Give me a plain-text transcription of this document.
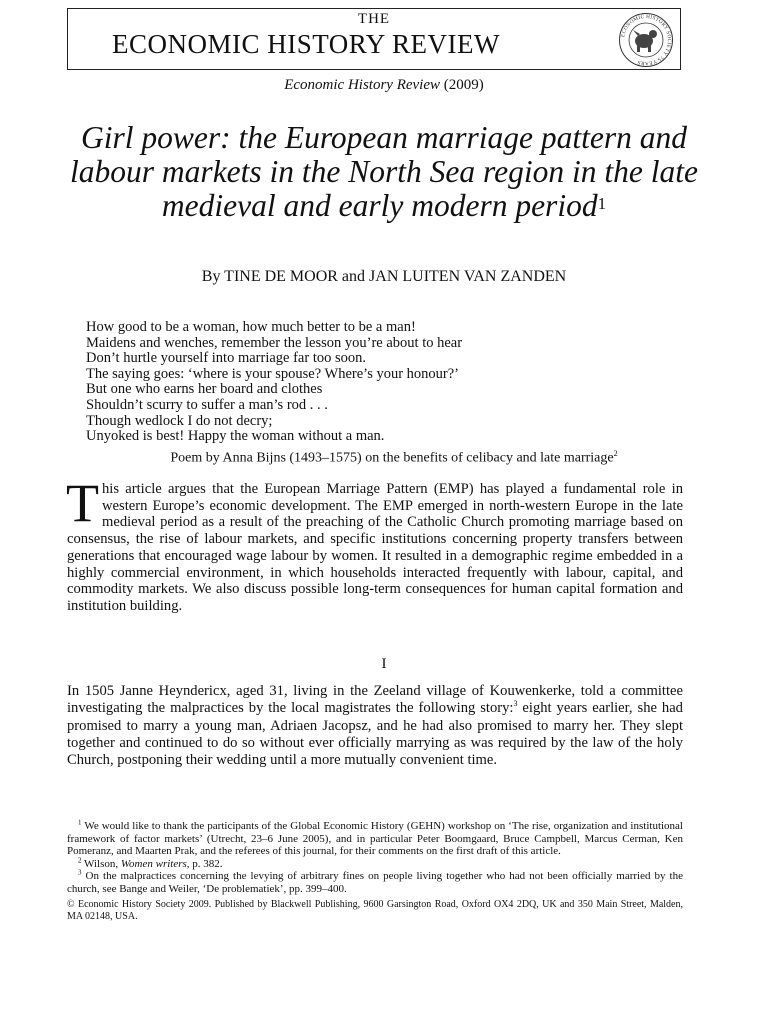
THE
ECONOMIC HISTORY REVIEW	ECONOMIC HISTORY SOCIETY 75 YEARS
Economic History Review (2009)
Girl power: the European marriage pattern and labour markets in the North Sea region in the late medieval and early modern period$^1$
By TINE DE MOOR and JAN LUITEN VAN ZANDEN
How good to be a woman, how much better to be a man!
Maidens and wenches, remember the lesson you’re about to hear
Don’t hurtle yourself into marriage far too soon.
The saying goes: ‘where is your spouse? Where’s your honour?’
But one who earns her board and clothes
Shouldn’t scurry to suffer a man’s rod . . .
Though wedlock I do not decry;
Unyoked is best! Happy the woman without a man.
Poem by Anna Bijns (1493–1575) on the benefits of celibacy and late marriage$^2$

This article argues that the European Marriage Pattern (EMP) has played a fundamental role in western Europe’s economic development. The EMP emerged in north-western Europe in the late medieval period as a result of the preaching of the Catholic Church promoting marriage based on consensus, the rise of labour markets, and specific institutions concerning property transfers between generations that encouraged wage labour by women. It resulted in a demographic regime embedded in a highly commercial environment, in which households interacted frequently with labour, capital, and commodity markets. We also discuss possible long-term consequences for human capital formation and institution building.

I

In 1505 Janne Heyndericx, aged 31, living in the Zeeland village of Kouwenkerke, told a committee investigating the malpractices by the local magistrates the following story:$^3$ eight years earlier, she had promised to marry a young man, Adriaen Jacopsz, and he had also promised to marry her. They slept together and continued to do so without ever officially marrying as was required by the law of the holy Church, postponing their wedding until a more mutually convenient time.

$^1$ We would like to thank the participants of the Global Economic History (GEHN) workshop on ‘The rise, organization and institutional framework of factor markets’ (Utrecht, 23–6 June 2005), and in particular Peter Boomgaard, Bruce Campbell, Marcus Cerman, Ken Pomeranz, and Maarten Prak, and the referees of this journal, for their comments on the first draft of this article.

$^2$ Wilson, Women writers, p. 382.

$^3$ On the malpractices concerning the levying of arbitrary fines on people living together who had not been officially married by the church, see Bange and Weiler, ‘De problematiek’, pp. 399–400.

© Economic History Society 2009. Published by Blackwell Publishing, 9600 Garsington Road, Oxford OX4 2DQ, UK and 350 Main Street, Malden, MA 02148, USA.
